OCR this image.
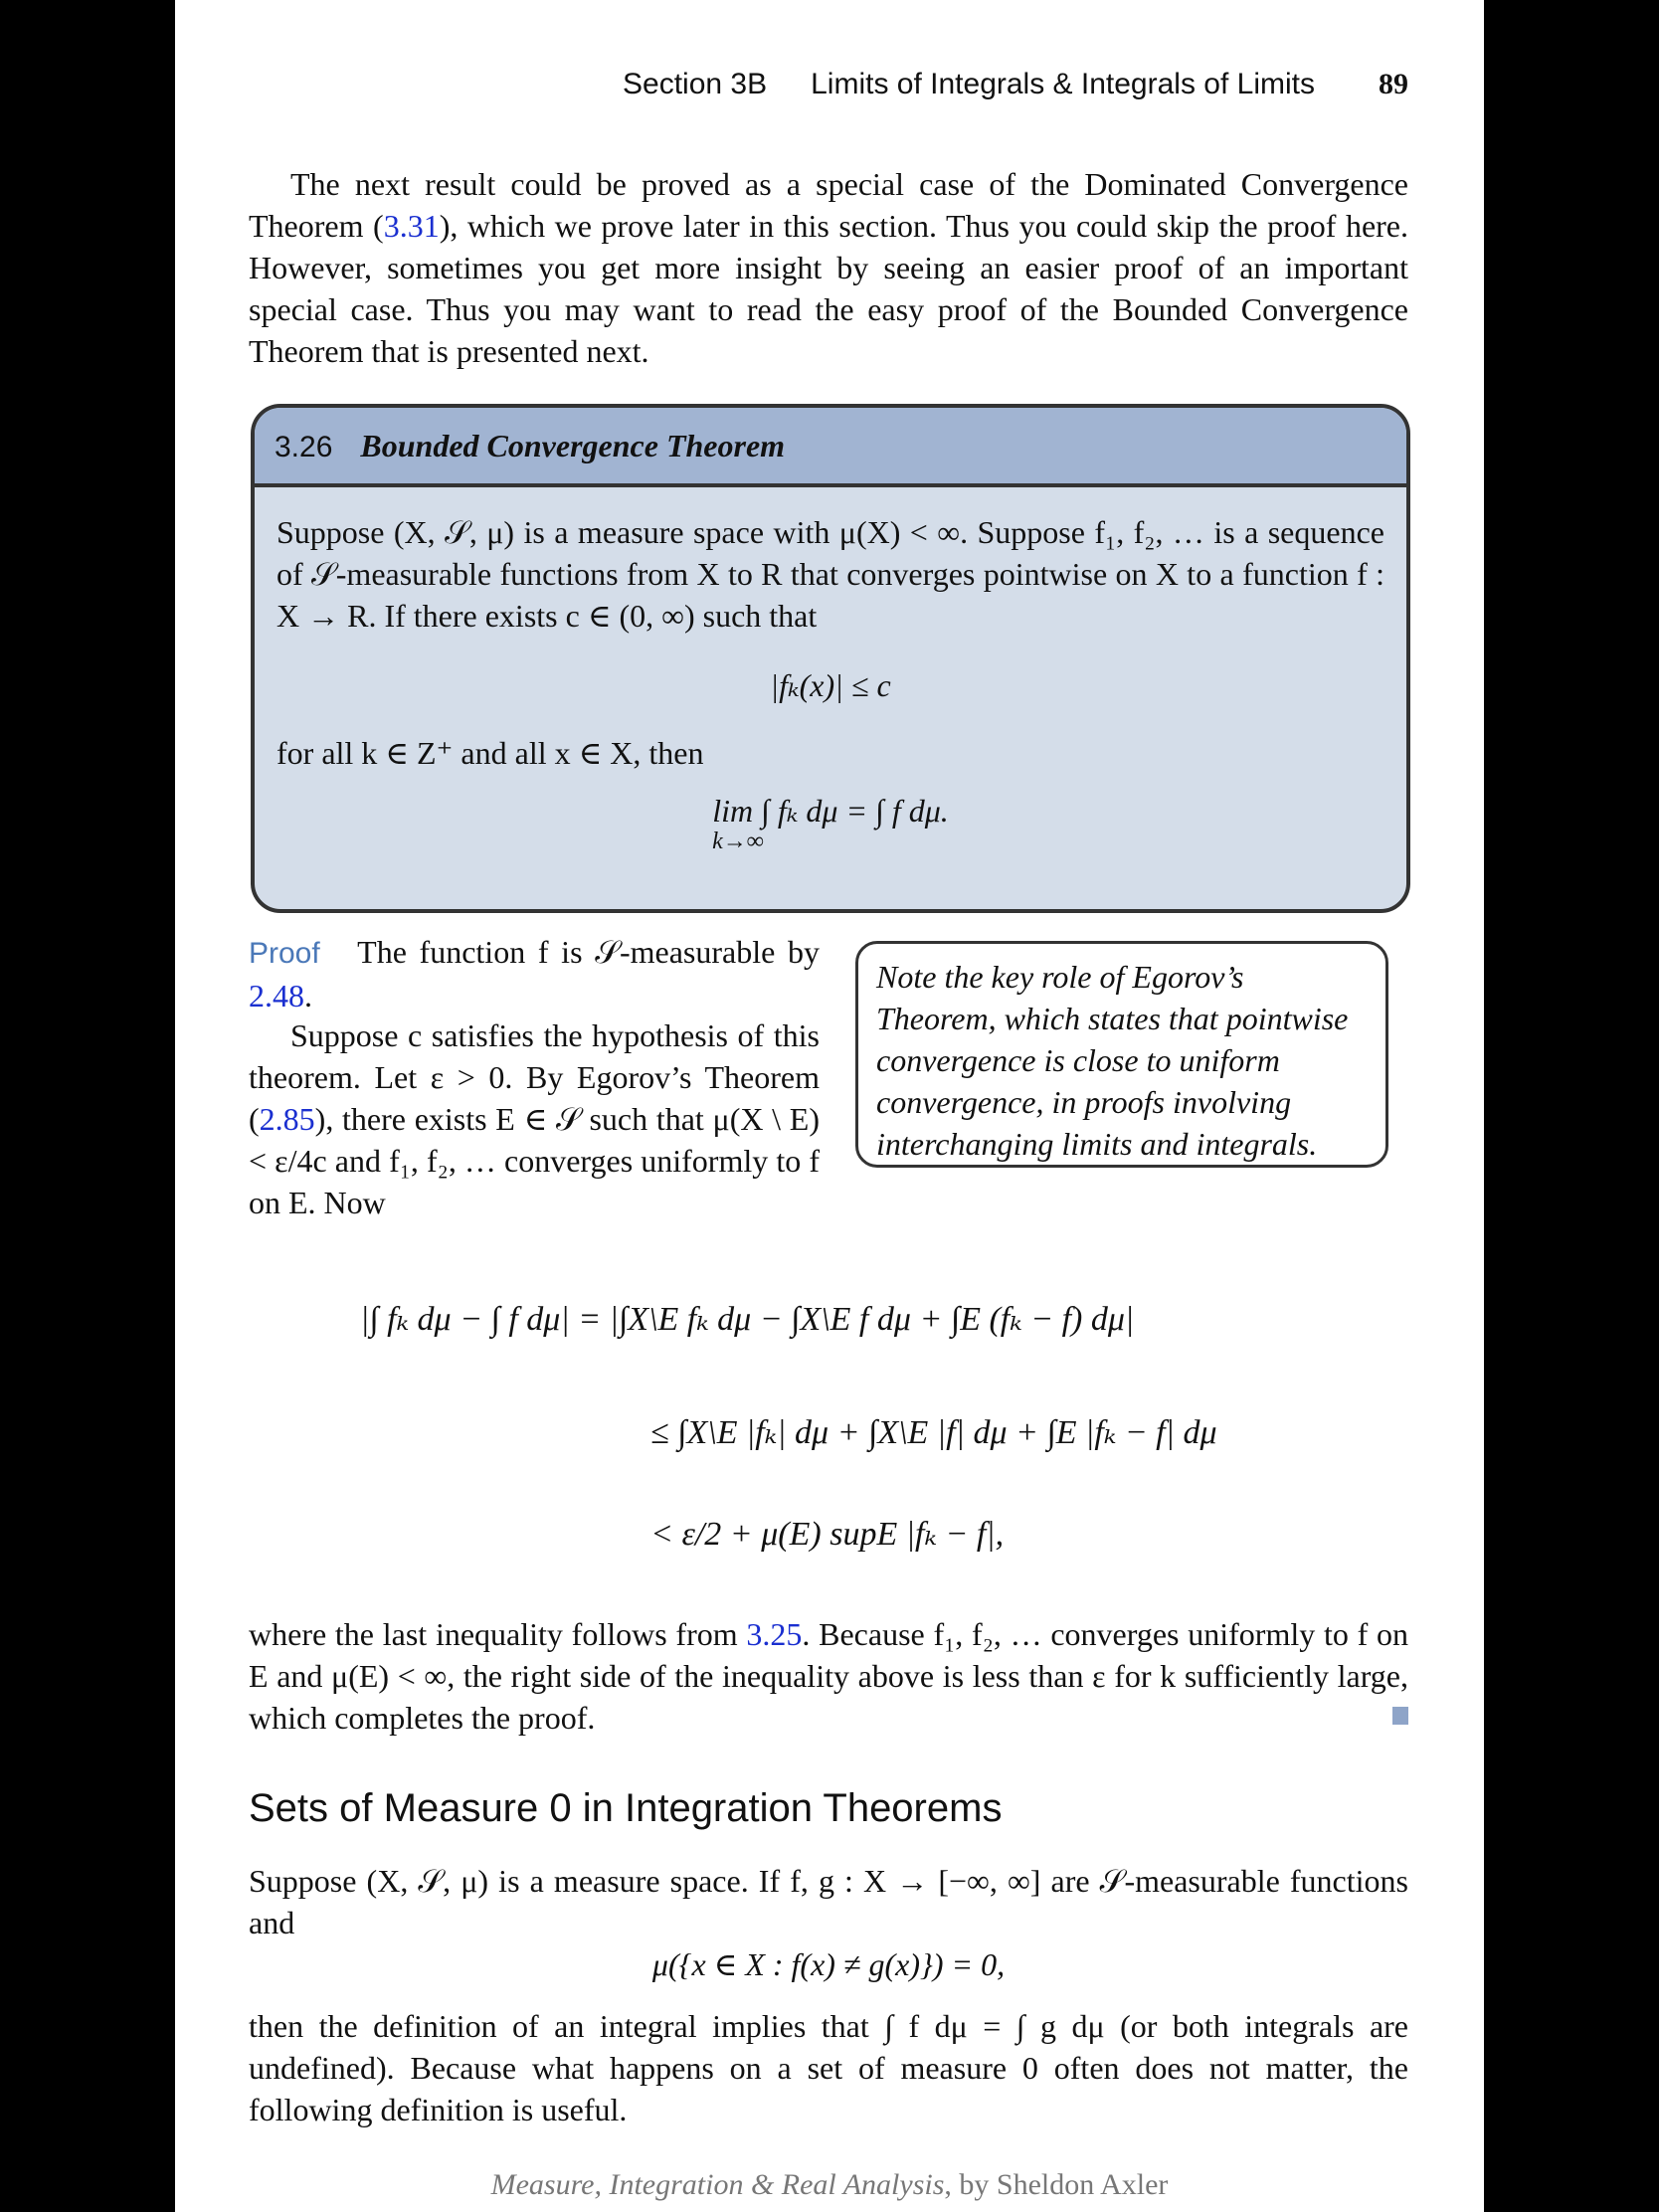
Section 3B Limits of Integrals & Integrals of Limits 89
The next result could be proved as a special case of the Dominated Convergence Theorem (3.31), which we prove later in this section. Thus you could skip the proof here. However, sometimes you get more insight by seeing an easier proof of an important special case. Thus you may want to read the easy proof of the Bounded Convergence Theorem that is presented next.
3.26 Bounded Convergence Theorem
Suppose (X, 𝒮, μ) is a measure space with μ(X) < ∞. Suppose f₁, f₂, … is a sequence of 𝒮-measurable functions from X to R that converges pointwise on X to a function f : X → R. If there exists c ∈ (0, ∞) such that
|fₖ(x)| ≤ c
for all k ∈ Z⁺ and all x ∈ X, then
lim ∫ fₖ dμ = ∫ f dμ.
k→∞
Proof The function f is 𝒮-measurable by 2.48.
Suppose c satisfies the hypothesis of this theorem. Let ε > 0. By Egorov’s Theorem (2.85), there exists E ∈ 𝒮 such that μ(X \ E) < ε/4c and f₁, f₂, … converges uniformly to f on E. Now
Note the key role of Egorov’s Theorem, which states that pointwise convergence is close to uniform convergence, in proofs involving interchanging limits and integrals.
|∫ fₖ dμ − ∫ f dμ| = |∫X\E fₖ dμ − ∫X\E f dμ + ∫E (fₖ − f) dμ|
≤ ∫X\E |fₖ| dμ + ∫X\E |f| dμ + ∫E |fₖ − f| dμ
< ε/2 + μ(E) supE |fₖ − f|,
where the last inequality follows from 3.25. Because f₁, f₂, … converges uniformly to f on E and μ(E) < ∞, the right side of the inequality above is less than ε for k sufficiently large, which completes the proof.
Sets of Measure 0 in Integration Theorems
Suppose (X, 𝒮, μ) is a measure space. If f, g : X → [−∞, ∞] are 𝒮-measurable functions and
μ({x ∈ X : f(x) ≠ g(x)}) = 0,
then the definition of an integral implies that ∫ f dμ = ∫ g dμ (or both integrals are undefined). Because what happens on a set of measure 0 often does not matter, the following definition is useful.
Measure, Integration & Real Analysis, by Sheldon Axler
